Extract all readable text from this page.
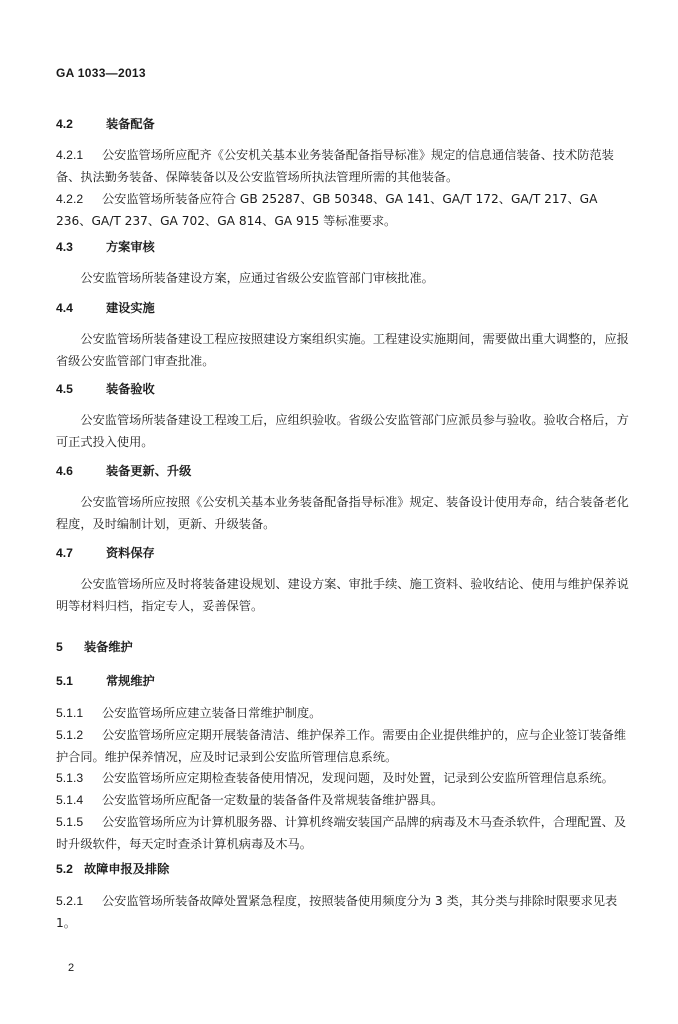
GA 1033—2013
4.2	装备配备
4.2.1 公安监管场所应配齐《公安机关基本业务装备配备指导标准》规定的信息通信装备、技术防范装备、执法勤务装备、保障装备以及公安监管场所执法管理所需的其他装备。
4.2.2 公安监管场所装备应符合 GB 25287、GB 50348、GA 141、GA/T 172、GA/T 217、GA 236、GA/T 237、GA 702、GA 814、GA 915 等标准要求。
4.3	方案审核
公安监管场所装备建设方案，应通过省级公安监管部门审核批准。
4.4	建设实施
公安监管场所装备建设工程应按照建设方案组织实施。工程建设实施期间，需要做出重大调整的，应报省级公安监管部门审查批准。
4.5	装备验收
公安监管场所装备建设工程竣工后，应组织验收。省级公安监管部门应派员参与验收。验收合格后，方可正式投入使用。
4.6	装备更新、升级
公安监管场所应按照《公安机关基本业务装备配备指导标准》规定、装备设计使用寿命，结合装备老化程度，及时编制计划，更新、升级装备。
4.7	资料保存
公安监管场所应及时将装备建设规划、建设方案、审批手续、施工资料、验收结论、使用与维护保养说明等材料归档，指定专人，妥善保管。
5 装备维护
5.1	常规维护
5.1.1 公安监管场所应建立装备日常维护制度。
5.1.2 公安监管场所应定期开展装备清洁、维护保养工作。需要由企业提供维护的，应与企业签订装备维护合同。维护保养情况，应及时记录到公安监所管理信息系统。
5.1.3 公安监管场所应定期检查装备使用情况，发现问题，及时处置，记录到公安监所管理信息系统。
5.1.4 公安监管场所应配备一定数量的装备备件及常规装备维护器具。
5.1.5 公安监管场所应为计算机服务器、计算机终端安装国产品牌的病毒及木马查杀软件，合理配置、及时升级软件，每天定时查杀计算机病毒及木马。
5.2 故障申报及排除
5.2.1 公安监管场所装备故障处置紧急程度，按照装备使用频度分为 3 类，其分类与排除时限要求见表 1。
2
